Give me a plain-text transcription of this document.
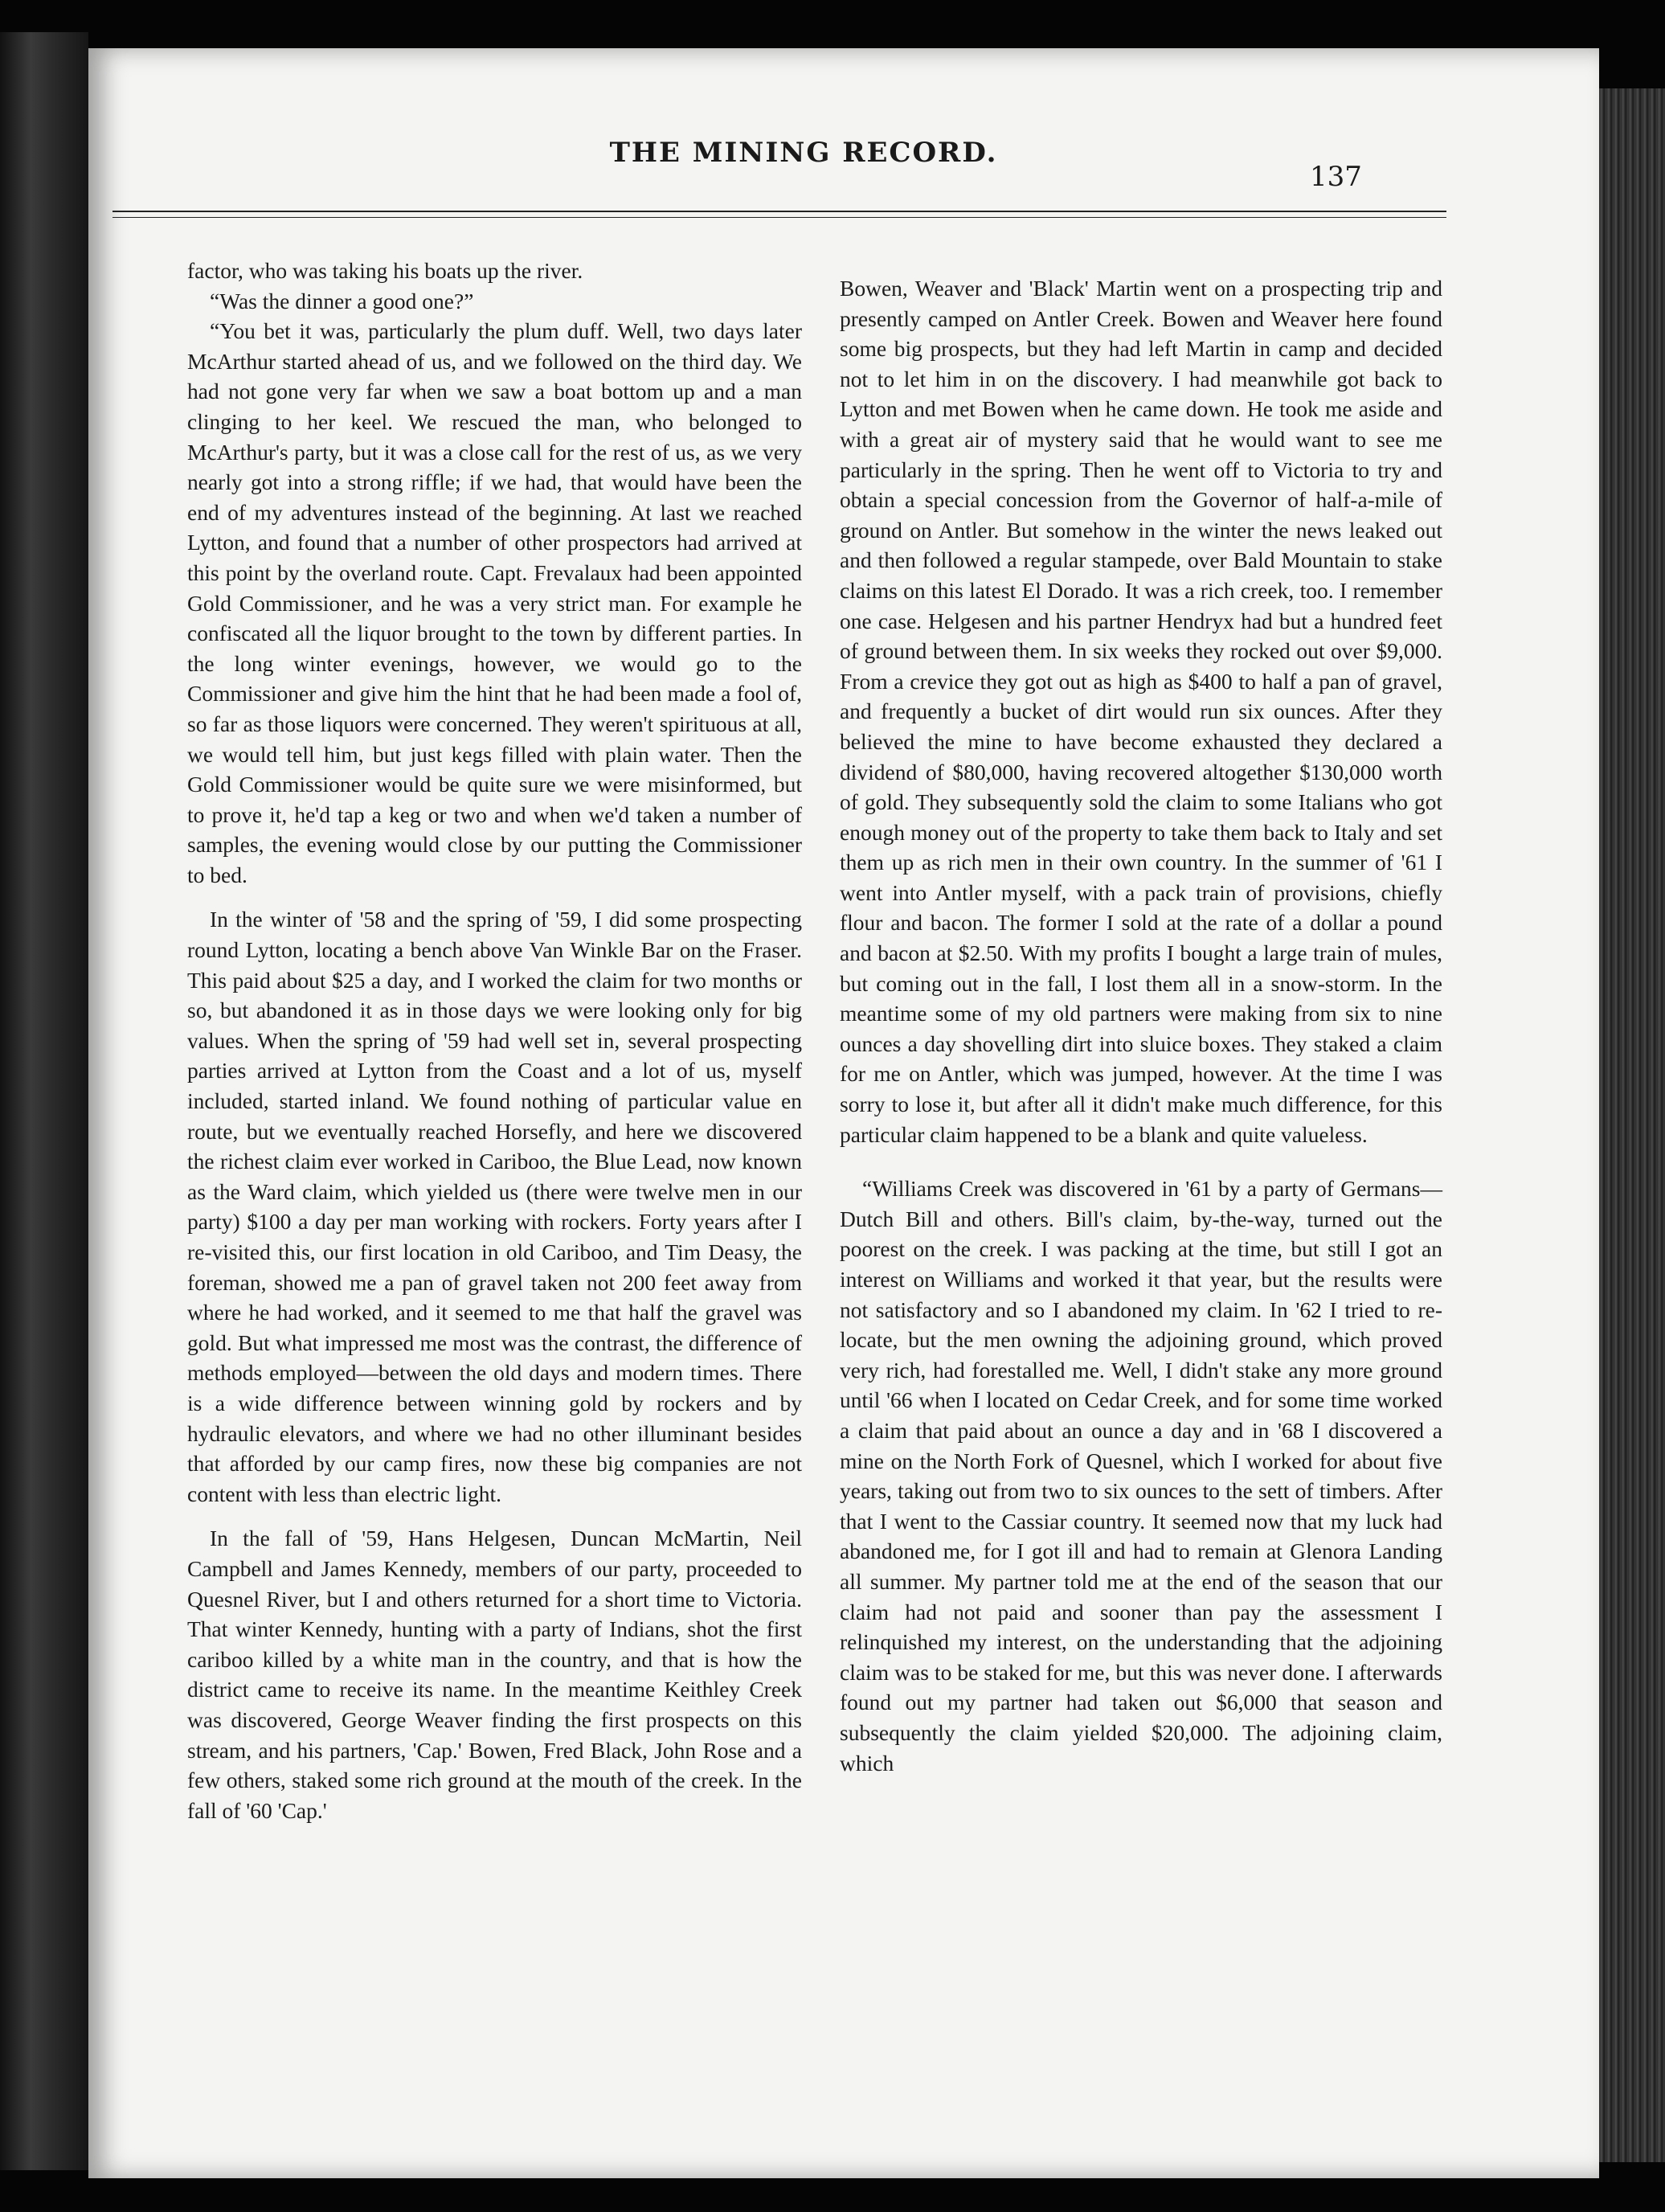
THE MINING RECORD.
137

factor, who was taking his boats up the river.

“Was the dinner a good one?”

“You bet it was, particularly the plum duff. Well, two days later McArthur started ahead of us, and we followed on the third day. We had not gone very far when we saw a boat bottom up and a man clinging to her keel. We rescued the man, who belonged to McArthur's party, but it was a close call for the rest of us, as we very nearly got into a strong riffle; if we had, that would have been the end of my adventures instead of the beginning. At last we reached Lytton, and found that a number of other prospectors had arrived at this point by the overland route. Capt. Frevalaux had been appointed Gold Commissioner, and he was a very strict man. For example he confiscated all the liquor brought to the town by different parties. In the long winter evenings, however, we would go to the Commissioner and give him the hint that he had been made a fool of, so far as those liquors were concerned. They weren't spirituous at all, we would tell him, but just kegs filled with plain water. Then the Gold Commissioner would be quite sure we were misinformed, but to prove it, he'd tap a keg or two and when we'd taken a number of samples, the evening would close by our putting the Commissioner to bed.

In the winter of '58 and the spring of '59, I did some prospecting round Lytton, locating a bench above Van Winkle Bar on the Fraser. This paid about $25 a day, and I worked the claim for two months or so, but abandoned it as in those days we were looking only for big values. When the spring of '59 had well set in, several prospecting parties arrived at Lytton from the Coast and a lot of us, myself included, started inland. We found nothing of particular value en route, but we eventually reached Horsefly, and here we discovered the richest claim ever worked in Cariboo, the Blue Lead, now known as the Ward claim, which yielded us (there were twelve men in our party) $100 a day per man working with rockers. Forty years after I re-visited this, our first location in old Cariboo, and Tim Deasy, the foreman, showed me a pan of gravel taken not 200 feet away from where he had worked, and it seemed to me that half the gravel was gold. But what impressed me most was the contrast, the difference of methods employed—between the old days and modern times. There is a wide difference between winning gold by rockers and by hydraulic elevators, and where we had no other illuminant besides that afforded by our camp fires, now these big companies are not content with less than electric light.

In the fall of '59, Hans Helgesen, Duncan McMartin, Neil Campbell and James Kennedy, members of our party, proceeded to Quesnel River, but I and others returned for a short time to Victoria. That winter Kennedy, hunting with a party of Indians, shot the first cariboo killed by a white man in the country, and that is how the district came to receive its name. In the meantime Keithley Creek was discovered, George Weaver finding the first prospects on this stream, and his partners, 'Cap.' Bowen, Fred Black, John Rose and a few others, staked some rich ground at the mouth of the creek. In the fall of '60 'Cap.'

Bowen, Weaver and 'Black' Martin went on a prospecting trip and presently camped on Antler Creek. Bowen and Weaver here found some big prospects, but they had left Martin in camp and decided not to let him in on the discovery. I had meanwhile got back to Lytton and met Bowen when he came down. He took me aside and with a great air of mystery said that he would want to see me particularly in the spring. Then he went off to Victoria to try and obtain a special concession from the Governor of half-a-mile of ground on Antler. But somehow in the winter the news leaked out and then followed a regular stampede, over Bald Mountain to stake claims on this latest El Dorado. It was a rich creek, too. I remember one case. Helgesen and his partner Hendryx had but a hundred feet of ground between them. In six weeks they rocked out over $9,000. From a crevice they got out as high as $400 to half a pan of gravel, and frequently a bucket of dirt would run six ounces. After they believed the mine to have become exhausted they declared a dividend of $80,000, having recovered altogether $130,000 worth of gold. They subsequently sold the claim to some Italians who got enough money out of the property to take them back to Italy and set them up as rich men in their own country. In the summer of '61 I went into Antler myself, with a pack train of provisions, chiefly flour and bacon. The former I sold at the rate of a dollar a pound and bacon at $2.50. With my profits I bought a large train of mules, but coming out in the fall, I lost them all in a snow-storm. In the meantime some of my old partners were making from six to nine ounces a day shovelling dirt into sluice boxes. They staked a claim for me on Antler, which was jumped, however. At the time I was sorry to lose it, but after all it didn't make much difference, for this particular claim happened to be a blank and quite valueless.

“Williams Creek was discovered in '61 by a party of Germans—Dutch Bill and others. Bill's claim, by-the-way, turned out the poorest on the creek. I was packing at the time, but still I got an interest on Williams and worked it that year, but the results were not satisfactory and so I abandoned my claim. In '62 I tried to re-locate, but the men owning the adjoining ground, which proved very rich, had forestalled me. Well, I didn't stake any more ground until '66 when I located on Cedar Creek, and for some time worked a claim that paid about an ounce a day and in '68 I discovered a mine on the North Fork of Quesnel, which I worked for about five years, taking out from two to six ounces to the sett of timbers. After that I went to the Cassiar country. It seemed now that my luck had abandoned me, for I got ill and had to remain at Glenora Landing all summer. My partner told me at the end of the season that our claim had not paid and sooner than pay the assessment I relinquished my interest, on the understanding that the adjoining claim was to be staked for me, but this was never done. I afterwards found out my partner had taken out $6,000 that season and subsequently the claim yielded $20,000. The adjoining claim, which
